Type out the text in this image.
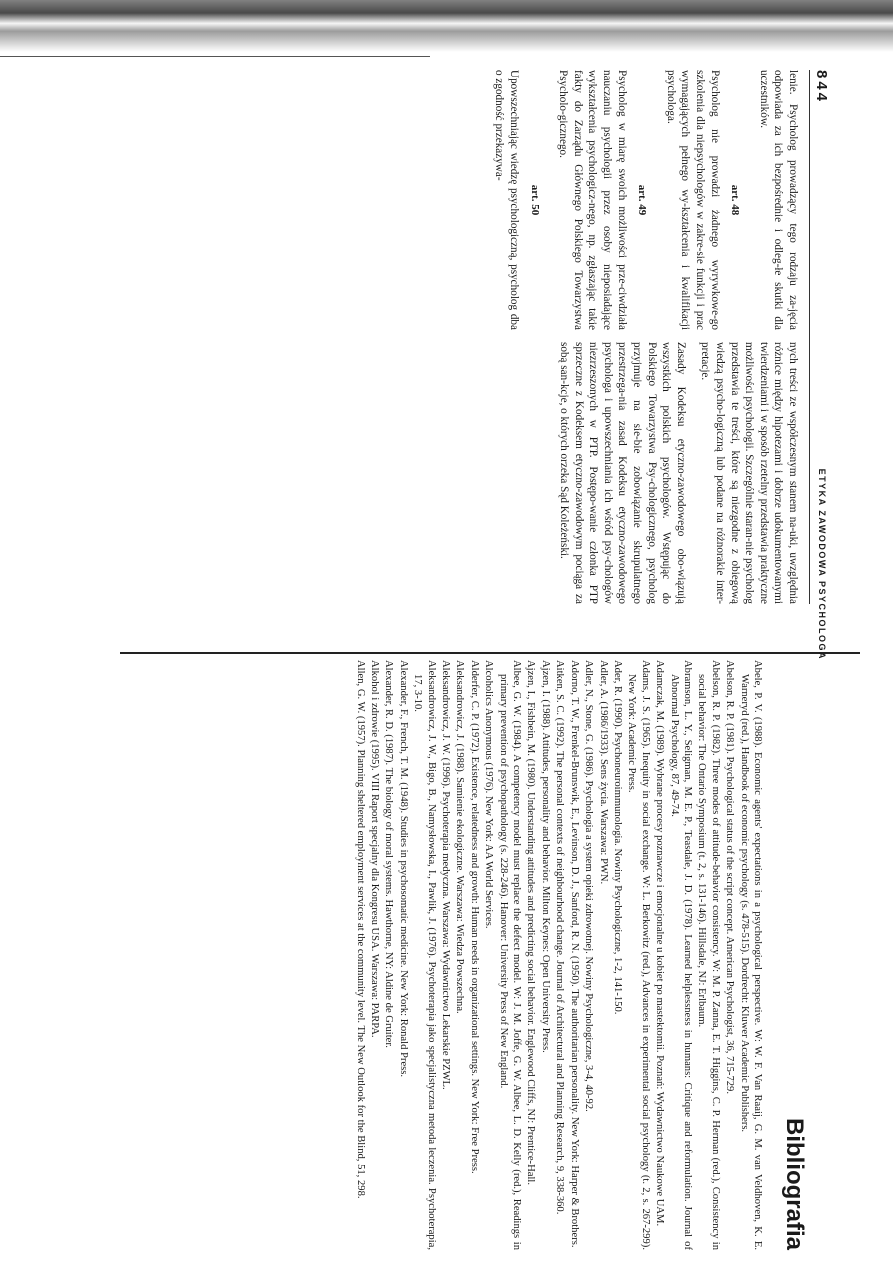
844
ETYKA ZAWODOWA PSYCHOLOGA

lenie. Psycholog prowadzący tego rodzaju za-jęcia odpowiada za ich bezpośrednie i odleg-łe skutki dla uczestników.

art. 48

Psycholog nie prowadzi żadnego wyrywkowe-go szkolenia dla niepsychologów w zakre-sie funkcji i prac wymagających pełnego wy-kształcenia i kwalifikacji psychologa.

art. 49

Psycholog w miarę swoich możliwości prze-ciwdziała nauczaniu psychologii przez osoby nieposiadające wykształcenia psychologicz-nego, np. zgłaszając takie fakty do Zarządu Głównego Polskiego Towarzystwa Psycholo-gicznego.

art. 50

Upowszechniając wiedzę psychologiczną, psycholog dba o zgodność przekazywa-

nych treści ze współczesnym stanem na-uki, uwzględnia różnice między hipotezami i dobrze udokumentowanymi twierdzeniami i w sposób rzetelny przedstawia praktyczne możliwości psychologii. Szczególnie staran-nie psycholog przedstawia te treści, które są niezgodne z obiegową wiedzą psycho-logiczną lub podane na różnorakie inter-pretacje.

Zasady Kodeksu etyczno-zawodowego obo-wiązują wszystkich polskich psychologów. Wstępując do Polskiego Towarzystwa Psy-chologicznego, psycholog przyjmuje na sie-bie zobowiązanie skrupulatnego przestrzega-nia zasad Kodeksu etyczno-zawodowego psychologa i upowszechniania ich wśród psy-chologów niezrzeszonych w PTP. Postępo-wanie członka PTP sprzeczne z Kodeksem etyczno-zawodowym pociąga za sobą san-kcje, o których orzeka Sąd Koleżeński.

Bibliografia
Abele, P. V. (1988). Economic agents' expectations in a psychological perspective. W: W. F. Van Raaij, G. M. van Veldhoven, K. E. Warneryd (red.), Handbook of economic psychology (s. 478-515). Dordrecht: Kluwer Academic Publishers.
Abelson, R. P. (1981). Psychological status of the script concept. American Psychologist, 36, 715-729.
Abelson, R. P. (1982). Three modes of attitude-behavior consistency. W: M. P. Zanna, E. T. Higgins, C. P. Herman (red.), Consistency in social behavior: The Ontario Symposium (t. 2, s. 131-146). Hillsdale, NJ: Erlbaum.
Abramson, L. Y., Seligman, M. E. P., Teasdale, J. D. (1978). Learned helplessness in humans: Critique and reformulation. Journal of Abnormal Psychology, 87, 49-74.
Adamczak, M. (1989). Wybrane procesy poznawcze i emocjonalne u kobiet po mastektomii. Poznań: Wydawnictwo Naukowe UAM.
Adams, J. S. (1965). Inequity in social exchange. W: L. Berkowitz (red.), Advances in experimental social psychology (t. 2, s. 267-299). New York: Academic Press.
Ader, R. (1990). Psychoneuroimmunologia. Nowiny Psychologiczne, 1-2, 141-150.
Adler, A. (1986/1933). Sens życia. Warszawa: PWN.
Adler, N., Stone, G. (1986). Psychologia a system opieki zdrowotnej. Nowiny Psychologiczne, 3-4, 40-92.
Adorno, T. W., Frenkel-Brunswik, E., Levinson, D. J., Sanford, R. N. (1950). The authoritarian personality. New York: Harper & Brothers.
Aitken, S. C. (1992). The personal contexts of neighbourhood change. Journal of Architectural and Planning Research, 9, 338-360.
Ajzen, I. (1988). Attitudes, personality and behavior. Milton Keynes: Open University Press.
Ajzen, I., Fishbein, M. (1980). Understanding attitudes and predicting social behavior. Englewood Cliffs, NJ: Prentice-Hall.
Albee, G. W. (1984). A competency model must replace the defect model. W: J. M. Joffe, G. W. Albee, L. D. Kelly (red.), Readings in primary prevention of psychopathology (s. 228-246). Hanover: University Press of New England.
Alcoholics Anonymous (1976). New York: AA World Services.
Alderfer, C. P. (1972). Existence, relatedness and growth: Human needs in organizational settings. New York: Free Press.
Aleksandrowicz, J. (1988). Samienie ekologiczne. Warszawa: Wiedza Powszechna.
Aleksandrowicz, J. W. (1996). Psychoterapia medyczna. Warszawa: Wydawnictwo Lekarskie PZWL.
Aleksandrowicz, J. W., Bigo, B., Namysłowska, I., Pawlik, J. (1976). Psychoterapia jako specjalistyczna metoda leczenia. Psychoterapia, 17, 3-10.
Alexander, F., French, T. M. (1948). Studies in psychosomatic medicine. New York: Ronald Press.
Alexander, R. D. (1987). The biology of moral systems. Hawthorne, NY: Aldine de Gruiter.
Alkohol i zdrowie (1995). VIII Raport specjalny dla Kongresu USA. Warszawa: PARPA.
Allen, G. W. (1957). Planning sheltered employment services at the community level. The New Outlook for the Blind, 51, 298.
